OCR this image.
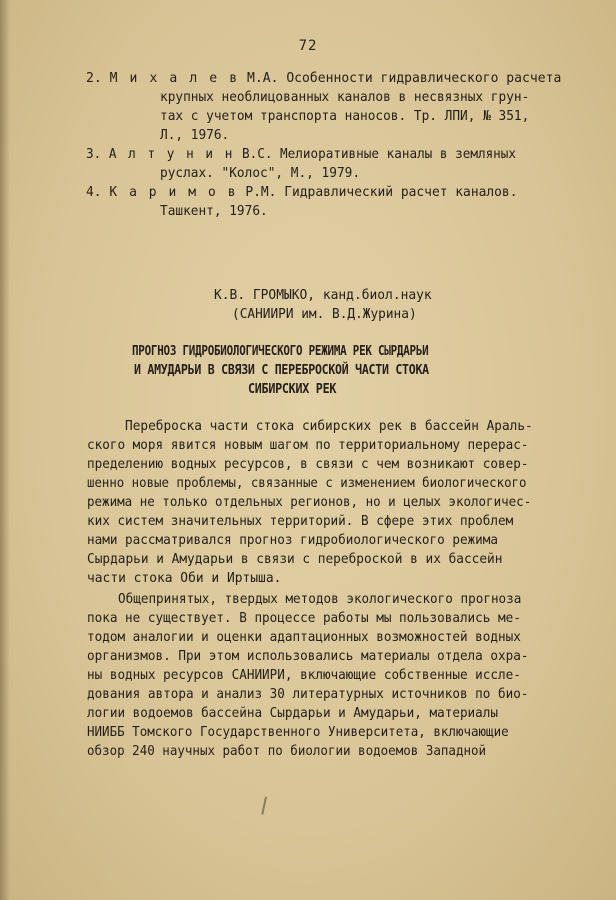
72
2. М и х а л е в М.А. Особенности гидравлического расчета
крупных необлицованных каналов в несвязных грун-
тах с учетом транспорта наносов. Тр. ЛПИ, № 351,
Л., 1976.
3. А л т у н и н В.С. Мелиоративные каналы в земляных
руслах. "Колос", М., 1979.
4. К а р и м о в Р.М. Гидравлический расчет каналов.
Ташкент, 1976.
К.В. ГРОМЫКО, канд.биол.наук
(САНИИРИ им. В.Д.Журина)
ПРОГНОЗ ГИДРОБИОЛОГИЧЕСКОГО РЕЖИМА РЕК СЫРДАРЬИ
И АМУДАРЬИ В СВЯЗИ С ПЕРЕБРОСКОЙ ЧАСТИ СТОКА
СИБИРСКИХ РЕК
Переброска части стока сибирских рек в бассейн Араль-
ского моря явится новым шагом по территориальному перерас-
пределению водных ресурсов, в связи с чем возникают совер-
шенно новые проблемы, связанные с изменением биологического
режима не только отдельных регионов, но и целых экологичес-
ких систем значительных территорий. В сфере этих проблем
нами рассматривался прогноз гидробиологического режима
Сырдарьи и Амударьи в связи с переброской в их бассейн
части стока Оби и Иртыша.
Общепринятых, твердых методов экологического прогноза
пока не существует. В процессе работы мы пользовались ме-
тодом аналогии и оценки адаптационных возможностей водных
организмов. При этом использовались материалы отдела охра-
ны водных ресурсов САНИИРИ, включающие собственные иссле-
дования автора и анализ 30 литературных источников по био-
логии водоемов бассейна Сырдарьи и Амударьи, материалы
НИИББ Томского Государственного Университета, включающие
обзор 240 научных работ по биологии водоемов Западной
